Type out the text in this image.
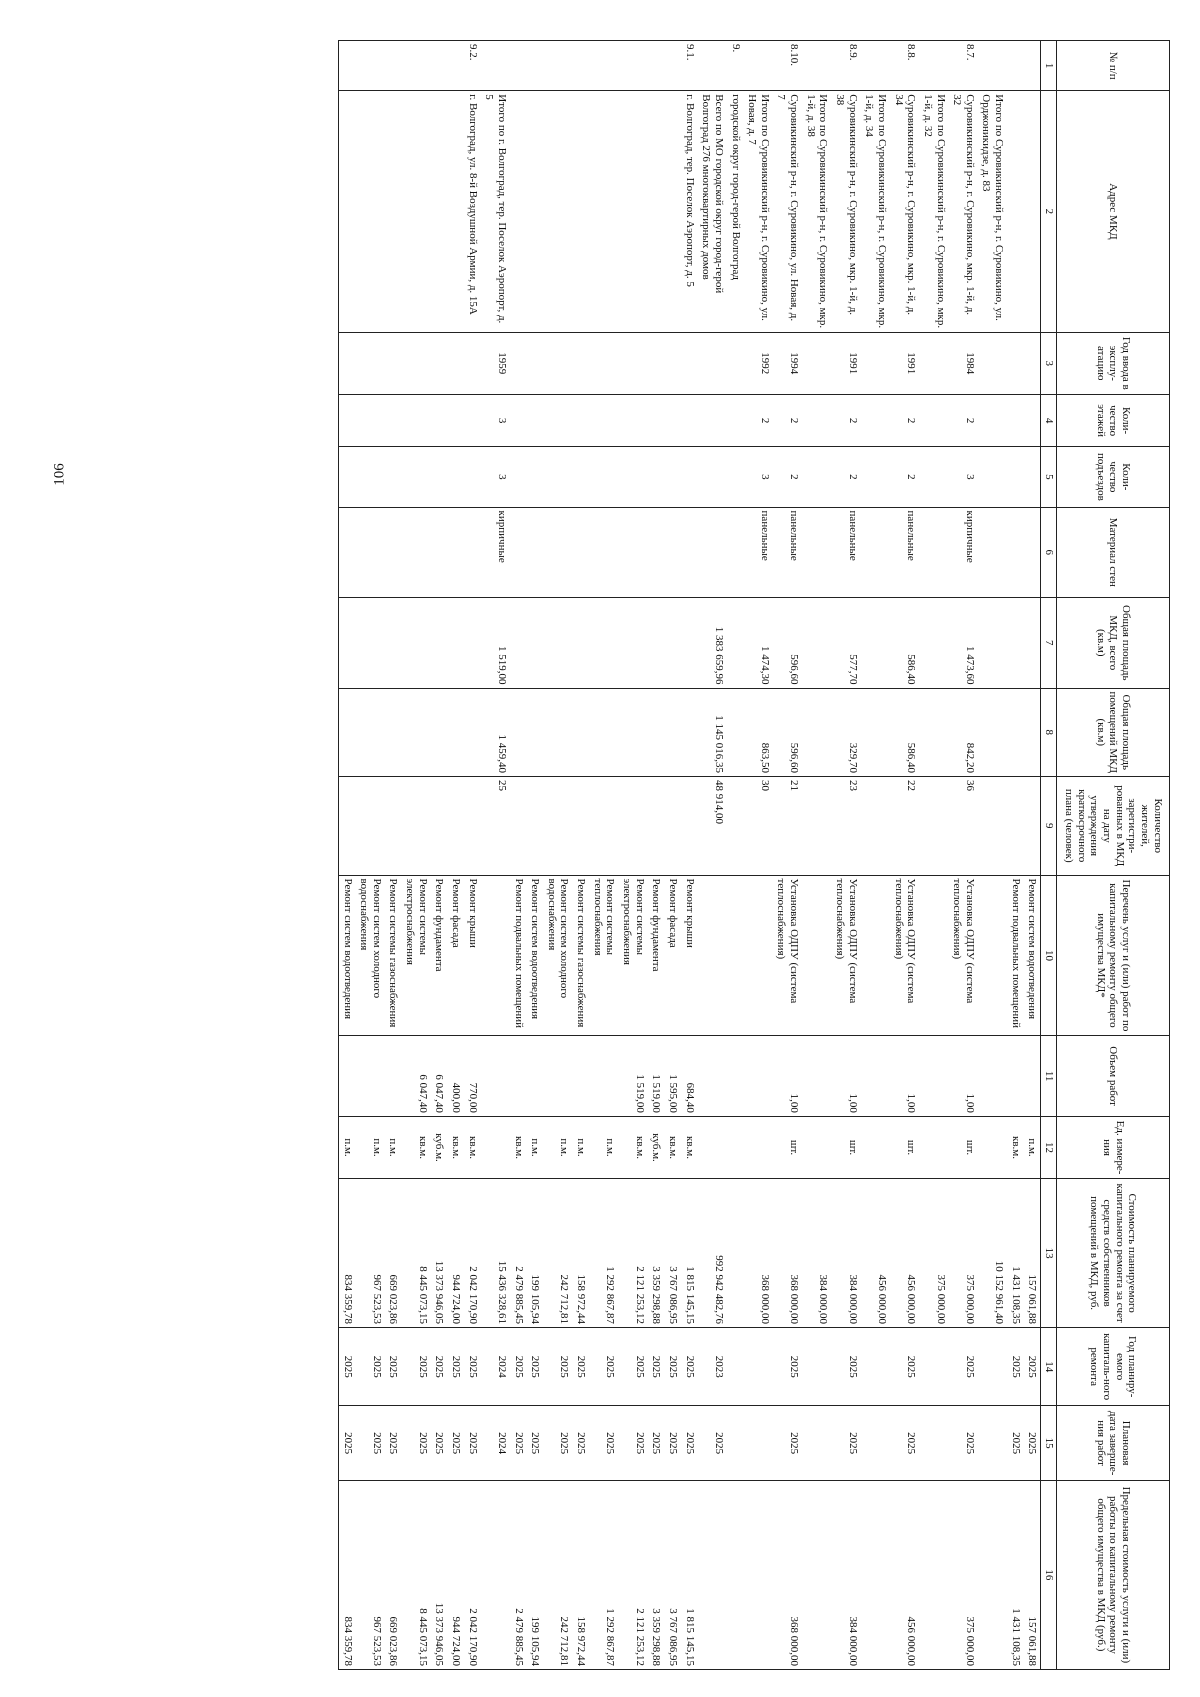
106
№ п/п	Адрес МКД	Год ввода в эксплу-атацию	Коли-чество этажей	Коли-чество подъездов	Материал стен	Общая площадь МКД, всего (кв.м)	Общая площадь помещений МКД (кв.м)	Количество жителей, зарегистри-рованных в МКД на дату утверждения краткосрочного плана (человек)	Перечень услуг и (или) работ по капитальному ремонту общего имущества МКД*	Объем работ	Ед. измере-ния	Стоимость планируемого капитального ремонта за счет средств собственников помещений в МКД, руб.	Год планиру-емого капиталь-ного ремонта	Плановая дата заверше-ния работ	Предельная стоимость услуги и (или) работы по капитальному ремонту общего имущества в МКД (руб.)
1	2	3	4	5	6	7	8	9	10	11	12	13	14	15	16
									Ремонт систем водоотведения		п.м.	157 061,88	2025	2025	157 061,88
									Ремонт подвальных помещений		кв.м.	1 431 108,35	2025	2025	1 431 108,35
	Итого по Суровикинский р-н, г. Суровикино, ул. Орджоникидзе, д. 83											10 152 961,40			
8.7.	Суровикинский р-н, г. Суровикино, мкр. 1-й, д. 32	1984	2	3	кирпичные	1 473,60	842,20	36	Установка ОДПУ (система теплоснабжения)	1,00	шт.	375 000,00	2025	2025	375 000,00
	Итого по Суровикинский р-н, г. Суровикино, мкр. 1-й, д. 32											375 000,00			
8.8.	Суровикинский р-н, г. Суровикино, мкр. 1-й, д. 34	1991	2	2	панельные	586,40	586,40	22	Установка ОДПУ (система теплоснабжения)	1,00	шт.	456 000,00	2025	2025	456 000,00
	Итого по Суровикинский р-н, г. Суровикино, мкр. 1-й, д. 34											456 000,00			
8.9.	Суровикинский р-н, г. Суровикино, мкр. 1-й, д. 38	1991	2	2	панельные	577,70	329,70	23	Установка ОДПУ (система теплоснабжения)	1,00	шт.	384 000,00	2025	2025	384 000,00
	Итого по Суровикинский р-н, г. Суровикино, мкр. 1-й, д. 38											384 000,00			
8.10.	Суровикинский р-н, г. Суровикино, ул. Новая, д. 7	1994	2	2	панельные	596,60	596,60	21	Установка ОДПУ (система теплоснабжения)	1,00	шт.	368 000,00	2025	2025	368 000,00
	Итого по Суровикинский р-н, г. Суровикино, ул. Новая, д. 7	1992	2	3	панельные	1 474,30	863,50	30				368 000,00			
9.	городской округ город-герой Волгоград														
	Всего по МО городской округ город-герой Волгоград 276 многоквартирных домов					1 383 659,96	1 145 016,35	48 914,00				992 942 482,76	2023	2025	
9.1.	г. Волгоград, тер. Поселок Аэропорт, д. 5								Ремонт крыши	684,40	кв.м.	1 815 145,15	2025	2025	1 815 145,15
									Ремонт фасада	1 595,00	кв.м.	3 767 086,95	2025	2025	3 767 086,95
									Ремонт фундамента	1 519,00	куб.м.	3 359 298,88	2025	2025	3 359 298,88
									Ремонт системы электроснабжения	1 519,00	кв.м.	2 121 253,12	2025	2025	2 121 253,12
									Ремонт системы теплоснабжения		п.м.	1 292 867,87	2025	2025	1 292 867,87
									Ремонт системы газоснабжения		п.м.	158 972,44	2025	2025	158 972,44
									Ремонт систем холодного водоснабжения		п.м.	242 712,81	2025	2025	242 712,81
									Ремонт систем водоотведения		п.м.	199 105,94	2025	2025	199 105,94
									Ремонт подвальных помещений		кв.м.	2 479 885,45	2025	2025	2 479 885,45
	Итого по г. Волгоград, тер. Поселок Аэропорт, д. 5	1959	3	3	кирпичные	1 519,00	1 459,40	25				15 436 328,61	2024	2024	
9.2.	г. Волгоград, ул. 8-й Воздушной Армии, д. 15А								Ремонт крыши	770,00	кв.м.	2 042 170,90	2025	2025	2 042 170,90
									Ремонт фасада	400,00	кв.м.	944 724,00	2025	2025	944 724,00
									Ремонт фундамента	6 047,40	куб.м.	13 373 946,05	2025	2025	13 373 946,05
									Ремонт системы электроснабжения	6 047,40	кв.м.	8 445 073,15	2025	2025	8 445 073,15
									Ремонт системы газоснабжения		п.м.	669 023,86	2025	2025	669 023,86
									Ремонт систем холодного водоснабжения		п.м.	967 523,53	2025	2025	967 523,53
									Ремонт систем водоотведения		п.м.	834 359,78	2025	2025	834 359,78
